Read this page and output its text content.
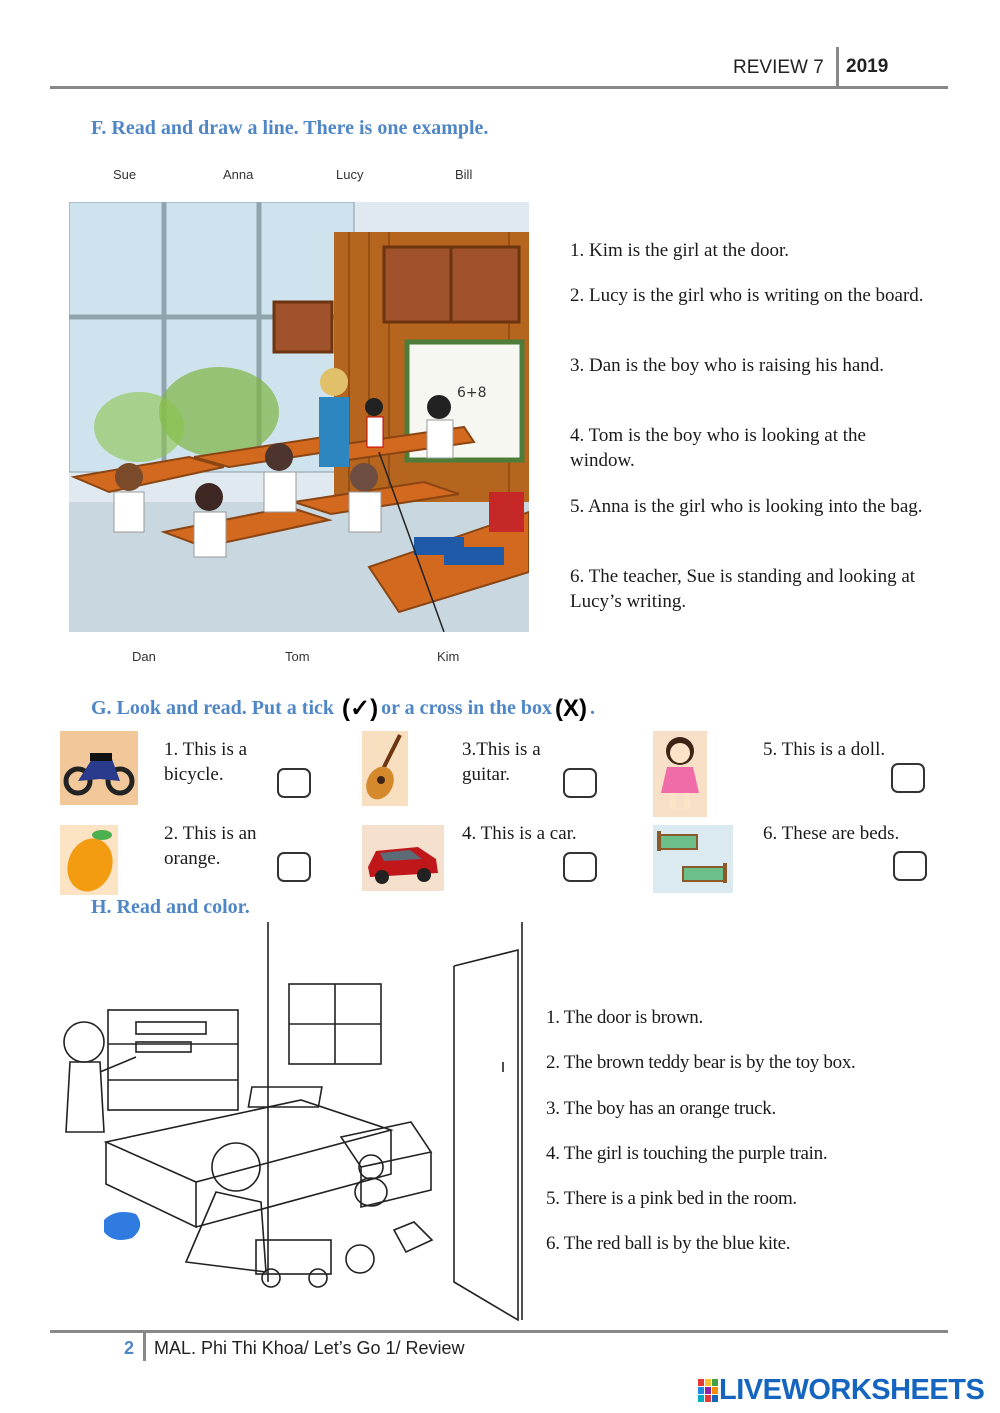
REVIEW 7 2019
F. Read and draw a line. There is one example.
Sue	Anna	Lucy	Bill
6+8
Dan	Tom	Kim
1. Kim is the girl at the door.
2. Lucy is the girl who is writing on the board.
3. Dan is the boy who is raising his hand.
4. Tom is the boy who is looking at the window.
5. Anna is the girl who is looking into the bag.
6. The teacher, Sue is standing and looking at Lucy’s writing.
G. Look and read. Put a tick (✓) or a cross in the box (X) .
1. This is a bicycle.
2. This is an orange.
3.This is a guitar.
4. This is a car.
5. This is a doll.
6. These are beds.
H. Read and color.
1. The door is brown.
2. The brown teddy bear is by the toy box.
3. The boy has an orange truck.
4. The girl is touching the purple train.
5. There is a pink bed in the room.
6. The red ball is by the blue kite.
2 MAL. Phi Thi Khoa/ Let’s Go 1/ Review
LIVEWORKSHEETS
